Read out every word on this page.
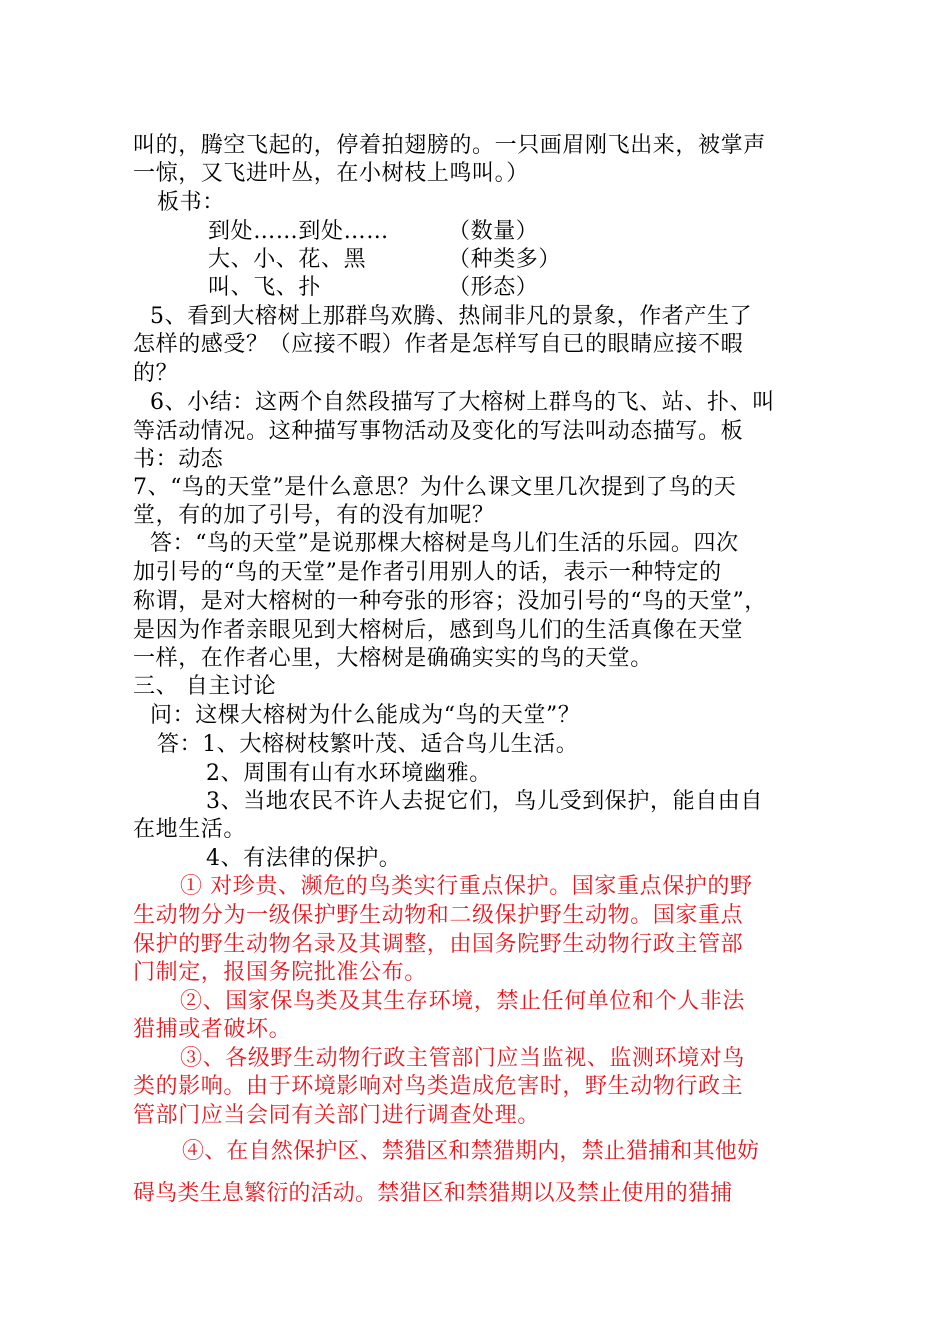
叫的，腾空飞起的，停着拍翅膀的。一只画眉刚飞出来，被掌声
一惊，又飞进叶丛，在小树枝上鸣叫。）
板书：
到处……到处……	（数量）
大、小、花、黑	（种类多）
叫、飞、扑	（形态）
5、看到大榕树上那群鸟欢腾、热闹非凡的景象，作者产生了
怎样的感受？（应接不暇）作者是怎样写自已的眼睛应接不暇
的？
6、小结：这两个自然段描写了大榕树上群鸟的飞、站、扑、叫
等活动情况。这种描写事物活动及变化的写法叫动态描写。板
书：动态
7、“鸟的天堂”是什么意思？为什么课文里几次提到了鸟的天
堂，有的加了引号，有的没有加呢？
答：“鸟的天堂”是说那棵大榕树是鸟儿们生活的乐园。四次
加引号的“鸟的天堂”是作者引用别人的话，表示一种特定的
称谓，是对大榕树的一种夸张的形容；没加引号的“鸟的天堂”，
是因为作者亲眼见到大榕树后，感到鸟儿们的生活真像在天堂
一样，在作者心里，大榕树是确确实实的鸟的天堂。
三、 自主讨论
问：这棵大榕树为什么能成为“鸟的天堂”？
答：1、大榕树枝繁叶茂、适合鸟儿生活。
2、周围有山有水环境幽雅。
3、当地农民不许人去捉它们，鸟儿受到保护，能自由自
在地生活。
4、有法律的保护。
① 对珍贵、濒危的鸟类实行重点保护。国家重点保护的野
生动物分为一级保护野生动物和二级保护野生动物。国家重点
保护的野生动物名录及其调整，由国务院野生动物行政主管部
门制定，报国务院批准公布。
②、国家保鸟类及其生存环境，禁止任何单位和个人非法
猎捕或者破坏。
③、各级野生动物行政主管部门应当监视、监测环境对鸟
类的影响。由于环境影响对鸟类造成危害时，野生动物行政主
管部门应当会同有关部门进行调查处理。
④、在自然保护区、禁猎区和禁猎期内，禁止猎捕和其他妨
碍鸟类生息繁衍的活动。禁猎区和禁猎期以及禁止使用的猎捕
